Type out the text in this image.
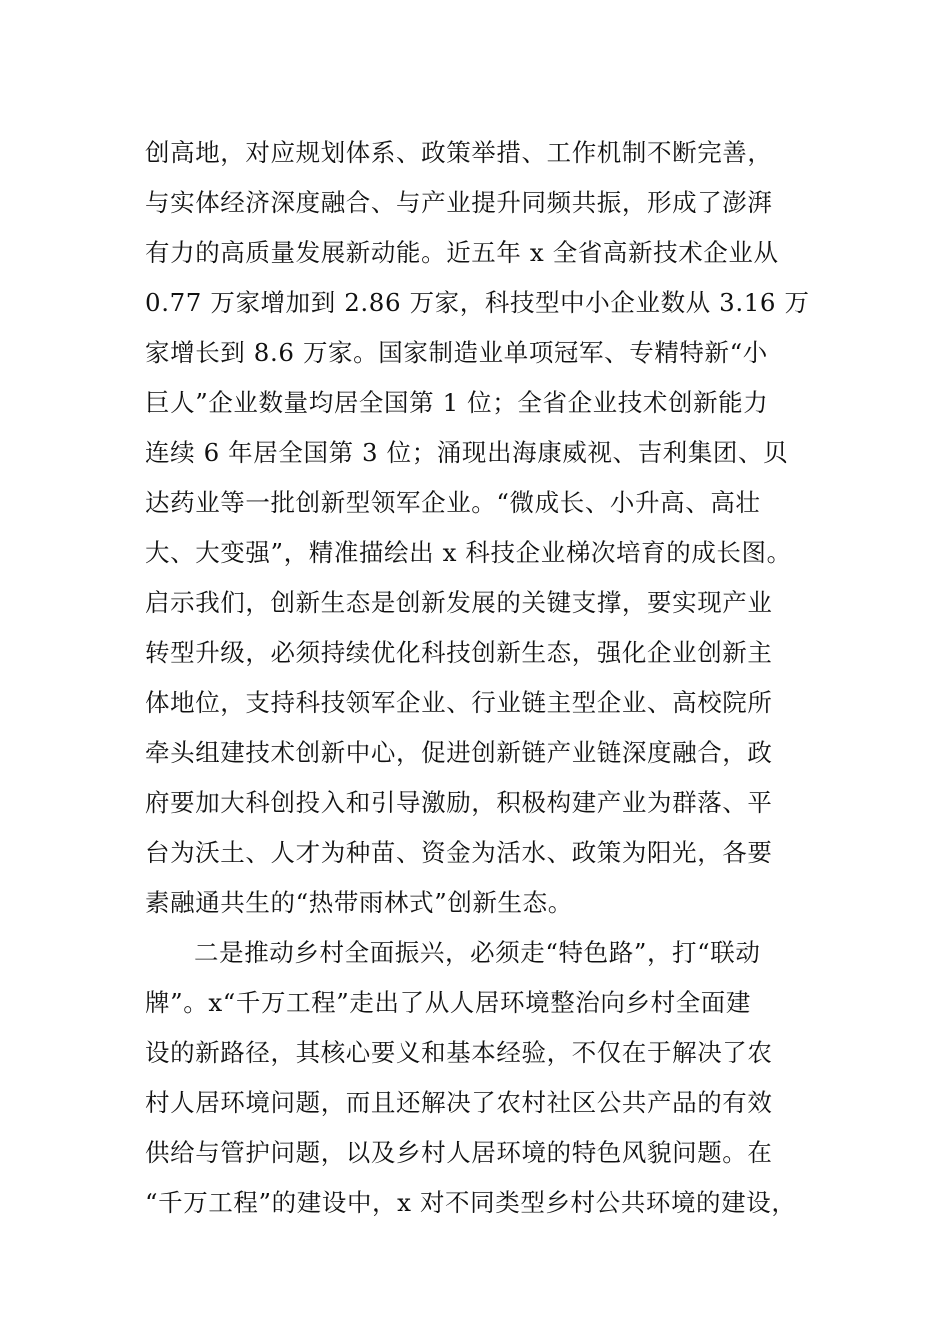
创高地，对应规划体系、政策举措、工作机制不断完善，
与实体经济深度融合、与产业提升同频共振，形成了澎湃
有力的高质量发展新动能。近五年 x 全省高新技术企业从
0.77 万家增加到 2.86 万家，科技型中小企业数从 3.16 万
家增长到 8.6 万家。国家制造业单项冠军、专精特新“小
巨人”企业数量均居全国第 1 位；全省企业技术创新能力
连续 6 年居全国第 3 位；涌现出海康威视、吉利集团、贝
达药业等一批创新型领军企业。“微成长、小升高、高壮
大、大变强”，精准描绘出 x 科技企业梯次培育的成长图。
启示我们，创新生态是创新发展的关键支撑，要实现产业
转型升级，必须持续优化科技创新生态，强化企业创新主
体地位，支持科技领军企业、行业链主型企业、高校院所
牵头组建技术创新中心，促进创新链产业链深度融合，政
府要加大科创投入和引导激励，积极构建产业为群落、平
台为沃土、人才为种苗、资金为活水、政策为阳光，各要
素融通共生的“热带雨林式”创新生态。
二是推动乡村全面振兴，必须走“特色路”，打“联动
牌”。x“千万工程”走出了从人居环境整治向乡村全面建
设的新路径，其核心要义和基本经验，不仅在于解决了农
村人居环境问题，而且还解决了农村社区公共产品的有效
供给与管护问题，以及乡村人居环境的特色风貌问题。在
“千万工程”的建设中，x 对不同类型乡村公共环境的建设，
